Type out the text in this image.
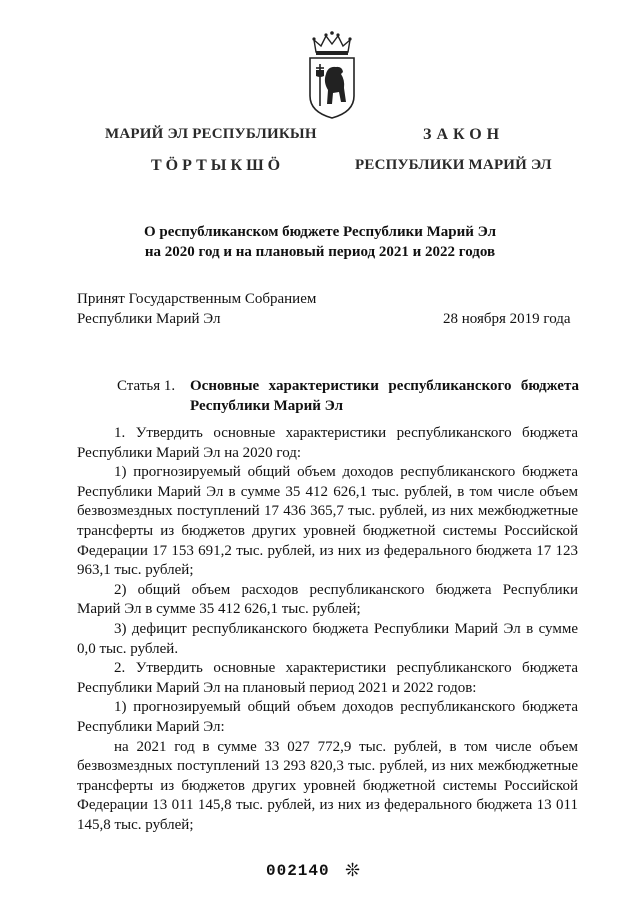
МАРИЙ ЭЛ РЕСПУБЛИКЫН
ТӦРТЫКШӦ
ЗАКОН
РЕСПУБЛИКИ МАРИЙ ЭЛ
О республиканском бюджете Республики Марий Эл
на 2020 год и на плановый период 2021 и 2022 годов
Принят Государственным Собранием
Республики Марий Эл	28 ноября 2019 года
Статья 1. Основные характеристики республиканского бюджета Республики Марий Эл

1. Утвердить основные характеристики республиканского бюджета Республики Марий Эл на 2020 год:

1) прогнозируемый общий объем доходов республиканского бюджета Республики Марий Эл в сумме 35 412 626,1 тыс. рублей, в том числе объем безвозмездных поступлений 17 436 365,7 тыс. рублей, из них межбюджетные трансферты из бюджетов других уровней бюджетной системы Российской Федерации 17 153 691,2 тыс. рублей, из них из федерального бюджета 17 123 963,1 тыс. рублей;

2) общий объем расходов республиканского бюджета Республики Марий Эл в сумме 35 412 626,1 тыс. рублей;

3) дефицит республиканского бюджета Республики Марий Эл в сумме 0,0 тыс. рублей.

2. Утвердить основные характеристики республиканского бюджета Республики Марий Эл на плановый период 2021 и 2022 годов:

1) прогнозируемый общий объем доходов республиканского бюджета Республики Марий Эл:

на 2021 год в сумме 33 027 772,9 тыс. рублей, в том числе объем безвозмездных поступлений 13 293 820,3 тыс. рублей, из них межбюджетные трансферты из бюджетов других уровней бюджетной системы Российской Федерации 13 011 145,8 тыс. рублей, из них из федерального бюджета 13 011 145,8 тыс. рублей;

002140 ❊
